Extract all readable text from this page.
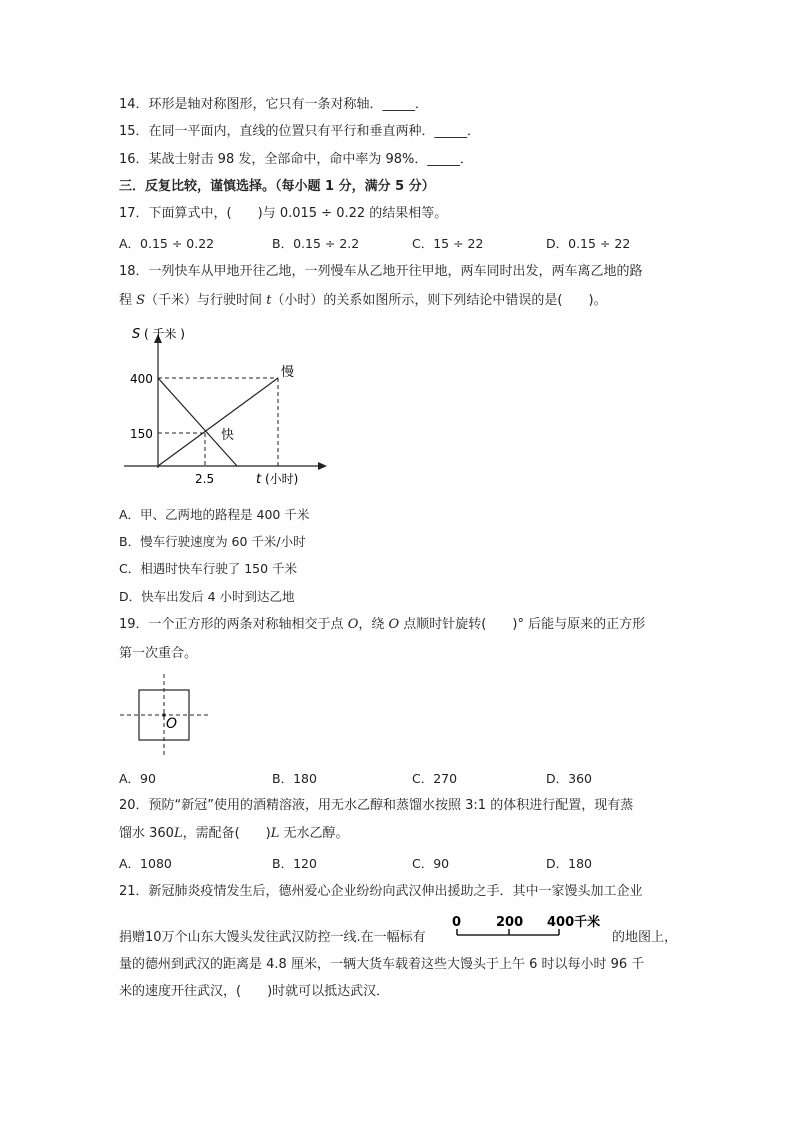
14．环形是轴对称图形，它只有一条对称轴．_____．
15．在同一平面内，直线的位置只有平行和垂直两种．_____．
16．某战士射击 98 发，全部命中，命中率为 98%．_____．
三．反复比较，谨慎选择。（每小题 1 分，满分 5 分）
17．下面算式中，(　　)与 0.015 ÷ 0.22 的结果相等。
A．0.15 ÷ 0.22	B．0.15 ÷ 2.2	C．15 ÷ 22	D．0.15 ÷ 22
18．一列快车从甲地开往乙地，一列慢车从乙地开往甲地，两车同时出发，两车离乙地的路
程 S（千米）与行驶时间 t（小时）的关系如图所示，则下列结论中错误的是(　　)。
S ( 千米 )
400
150
2.5	t (小时)
慢
快
A．甲、乙两地的路程是 400 千米
B．慢车行驶速度为 60 千米/小时
C．相遇时快车行驶了 150 千米
D．快车出发后 4 小时到达乙地
19．一个正方形的两条对称轴相交于点 O，绕 O 点顺时针旋转(　　)° 后能与原来的正方形
第一次重合。
O
A．90	B．180	C．270	D．360
20．预防“新冠”使用的酒精溶液，用无水乙醇和蒸馏水按照 3:1 的体积进行配置，现有蒸
馏水 360L，需配备(　　)L 无水乙醇。
A．1080	B．120	C．90	D．180
21．新冠肺炎疫情发生后，德州爱心企业纷纷向武汉伸出援助之手．其中一家馒头加工企业
捐赠10万个山东大馒头发往武汉防控一线.在一幅标有
0	200 400千米
的地图上，
量的德州到武汉的距离是 4.8 厘米，一辆大货车载着这些大馒头于上午 6 时以每小时 96 千
米的速度开往武汉，(　　)时就可以抵达武汉．
